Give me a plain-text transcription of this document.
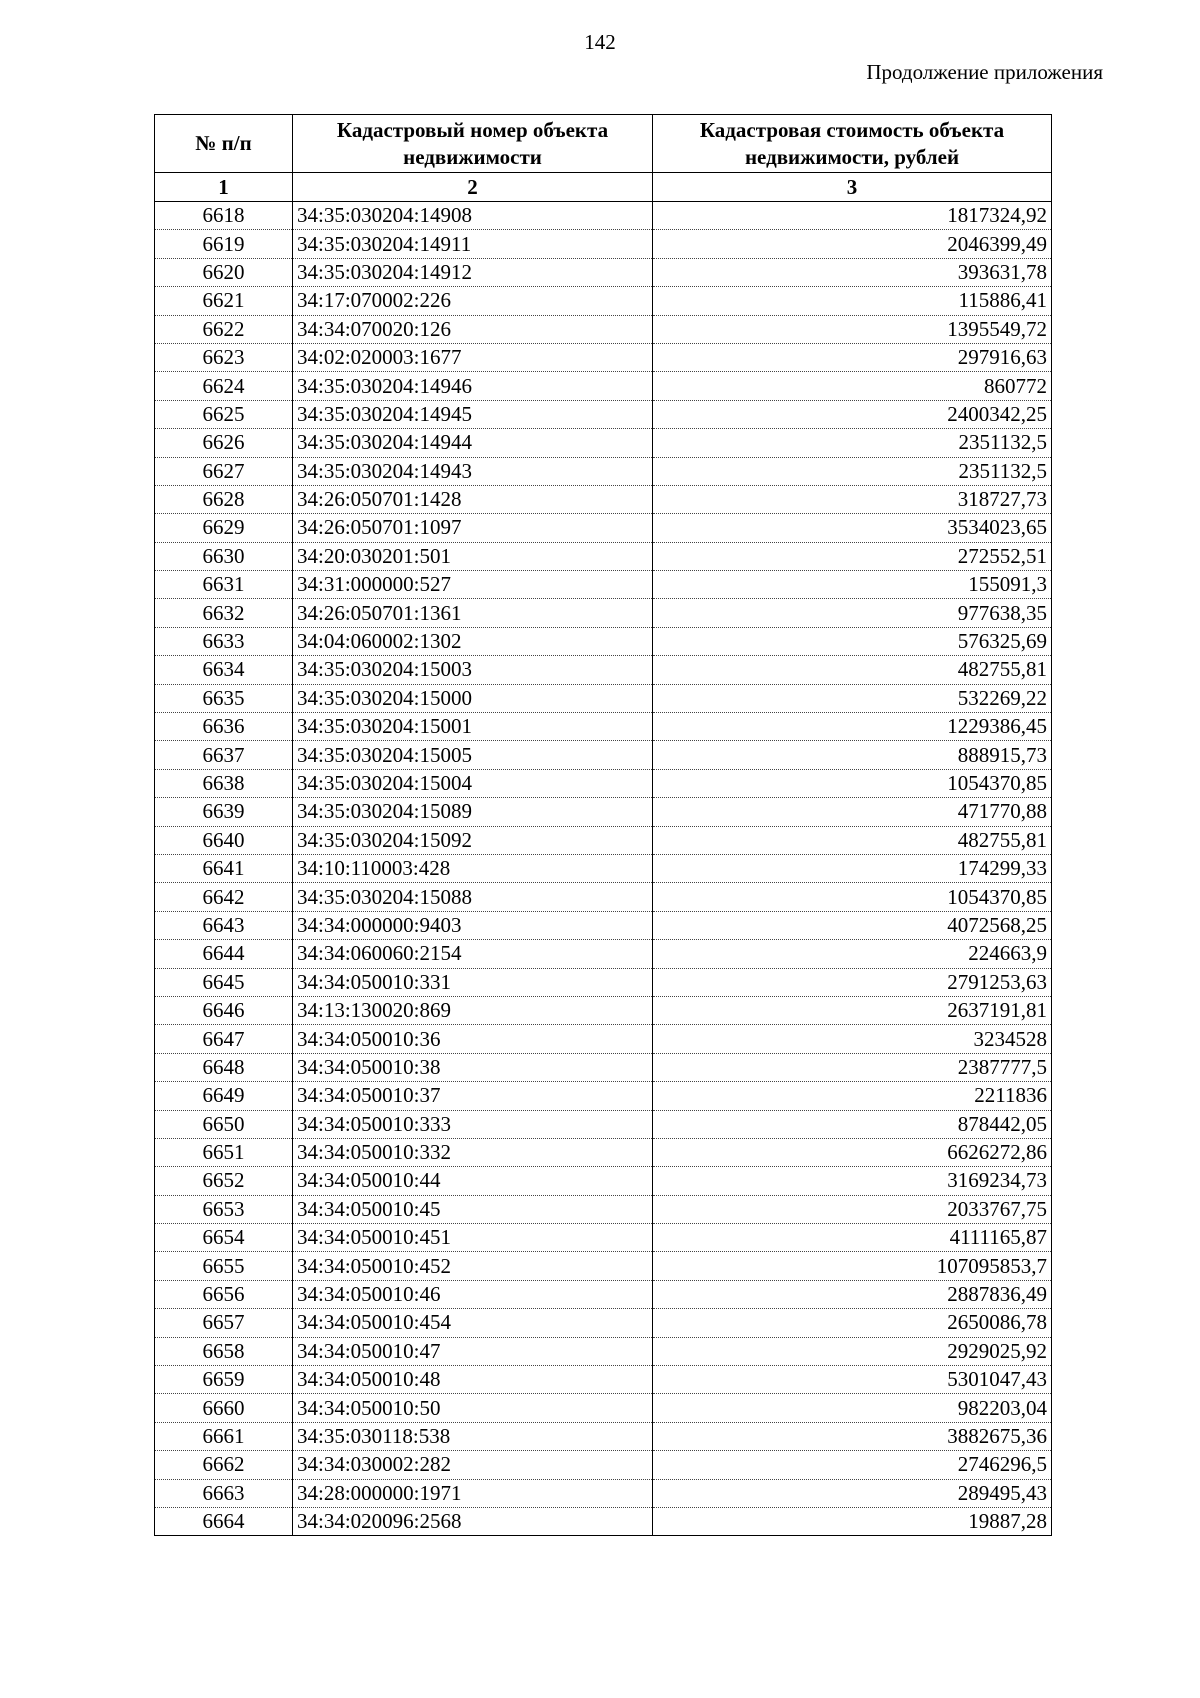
142
Продолжение приложения
№ п/п	Кадастровый номер объекта недвижимости	Кадастровая стоимость объекта недвижимости, рублей
1	2	3
6618	34:35:030204:14908	1817324,92
6619	34:35:030204:14911	2046399,49
6620	34:35:030204:14912	393631,78
6621	34:17:070002:226	115886,41
6622	34:34:070020:126	1395549,72
6623	34:02:020003:1677	297916,63
6624	34:35:030204:14946	860772
6625	34:35:030204:14945	2400342,25
6626	34:35:030204:14944	2351132,5
6627	34:35:030204:14943	2351132,5
6628	34:26:050701:1428	318727,73
6629	34:26:050701:1097	3534023,65
6630	34:20:030201:501	272552,51
6631	34:31:000000:527	155091,3
6632	34:26:050701:1361	977638,35
6633	34:04:060002:1302	576325,69
6634	34:35:030204:15003	482755,81
6635	34:35:030204:15000	532269,22
6636	34:35:030204:15001	1229386,45
6637	34:35:030204:15005	888915,73
6638	34:35:030204:15004	1054370,85
6639	34:35:030204:15089	471770,88
6640	34:35:030204:15092	482755,81
6641	34:10:110003:428	174299,33
6642	34:35:030204:15088	1054370,85
6643	34:34:000000:9403	4072568,25
6644	34:34:060060:2154	224663,9
6645	34:34:050010:331	2791253,63
6646	34:13:130020:869	2637191,81
6647	34:34:050010:36	3234528
6648	34:34:050010:38	2387777,5
6649	34:34:050010:37	2211836
6650	34:34:050010:333	878442,05
6651	34:34:050010:332	6626272,86
6652	34:34:050010:44	3169234,73
6653	34:34:050010:45	2033767,75
6654	34:34:050010:451	4111165,87
6655	34:34:050010:452	107095853,7
6656	34:34:050010:46	2887836,49
6657	34:34:050010:454	2650086,78
6658	34:34:050010:47	2929025,92
6659	34:34:050010:48	5301047,43
6660	34:34:050010:50	982203,04
6661	34:35:030118:538	3882675,36
6662	34:34:030002:282	2746296,5
6663	34:28:000000:1971	289495,43
6664	34:34:020096:2568	19887,28
